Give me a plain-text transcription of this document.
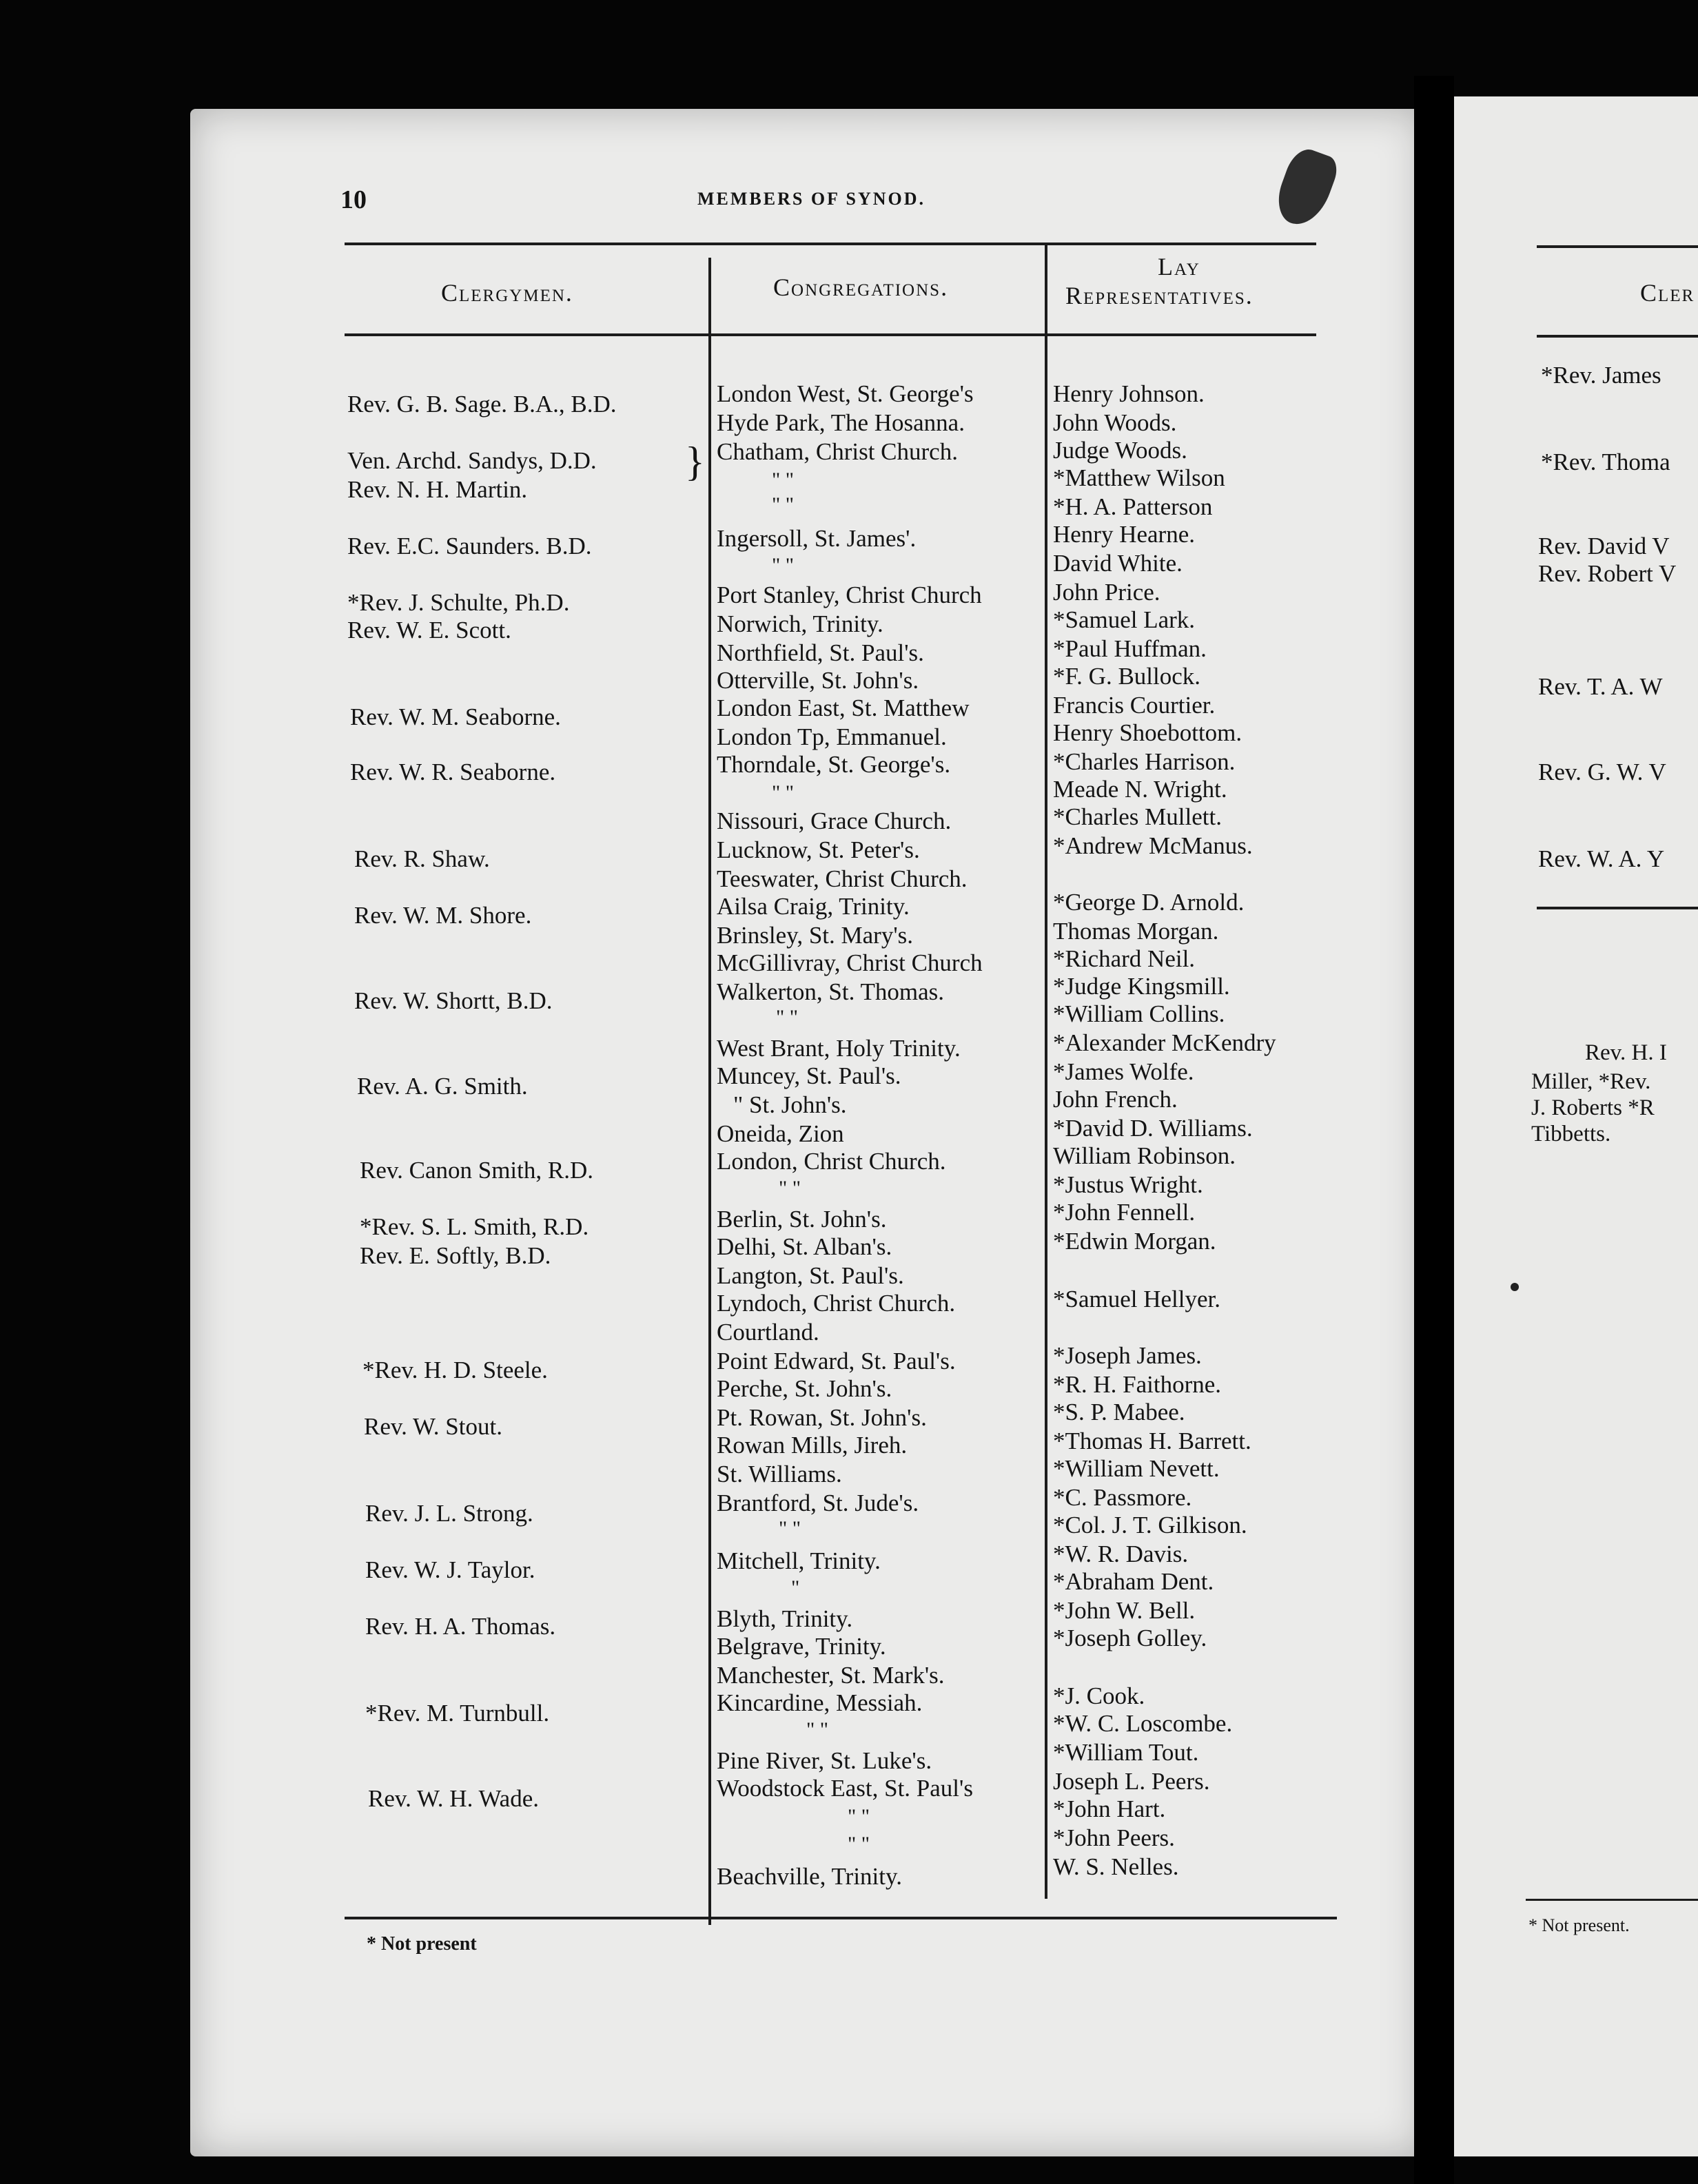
10	MEMBERS OF SYNOD.
Clergymen.	Congregations.
Lay
Representatives.
Rev. G. B. Sage. B.A., B.D.
Ven. Archd. Sandys, D.D.
Rev. N. H. Martin.
}
Rev. E.C. Saunders. B.D.
*Rev. J. Schulte, Ph.D.
Rev. W. E. Scott.
Rev. W. M. Seaborne.
Rev. W. R. Seaborne.
Rev. R. Shaw.
Rev. W. M. Shore.
Rev. W. Shortt, B.D.
Rev. A. G. Smith.
Rev. Canon Smith, R.D.
*Rev. S. L. Smith, R.D.
Rev. E. Softly, B.D.
*Rev. H. D. Steele.
Rev. W. Stout.
Rev. J. L. Strong.
Rev. W. J. Taylor.
Rev. H. A. Thomas.
*Rev. M. Turnbull.
Rev. W. H. Wade.
London West, St. George's
Hyde Park, The Hosanna.
Chatham, Christ Church.
" "
" "
Ingersoll, St. James'.
" "
Port Stanley, Christ Church
Norwich, Trinity.
Northfield, St. Paul's.
Otterville, St. John's.
London East, St. Matthew
London Tp, Emmanuel.
Thorndale, St. George's.
" "
Nissouri, Grace Church.
Lucknow, St. Peter's.
Teeswater, Christ Church.
Ailsa Craig, Trinity.
Brinsley, St. Mary's.
McGillivray, Christ Church
Walkerton, St. Thomas.
" "
West Brant, Holy Trinity.
Muncey, St. Paul's.
" St. John's.
Oneida, Zion
London, Christ Church.
" "
Berlin, St. John's.
Delhi, St. Alban's.
Langton, St. Paul's.
Lyndoch, Christ Church.
Courtland.
Point Edward, St. Paul's.
Perche, St. John's.
Pt. Rowan, St. John's.
Rowan Mills, Jireh.
St. Williams.
Brantford, St. Jude's.
" "
Mitchell, Trinity.
"
Blyth, Trinity.
Belgrave, Trinity.
Manchester, St. Mark's.
Kincardine, Messiah.
" "
Pine River, St. Luke's.
Woodstock East, St. Paul's
" "
" "
Beachville, Trinity.
Henry Johnson.
John Woods.
Judge Woods.
*Matthew Wilson
*H. A. Patterson
Henry Hearne.
David White.
John Price.
*Samuel Lark.
*Paul Huffman.
*F. G. Bullock.
Francis Courtier.
Henry Shoebottom.
*Charles Harrison.
Meade N. Wright.
*Charles Mullett.
*Andrew McManus.
*George D. Arnold.
Thomas Morgan.
*Richard Neil.
*Judge Kingsmill.
*William Collins.
*Alexander McKendry
*James Wolfe.
John French.
*David D. Williams.
William Robinson.
*Justus Wright.
*John Fennell.
*Edwin Morgan.
*Samuel Hellyer.
*Joseph James.
*R. H. Faithorne.
*S. P. Mabee.
*Thomas H. Barrett.
*William Nevett.
*C. Passmore.
*Col. J. T. Gilkison.
*W. R. Davis.
*Abraham Dent.
*John W. Bell.
*Joseph Golley.
*J. Cook.
*W. C. Loscombe.
*William Tout.
Joseph L. Peers.
*John Hart.
*John Peers.
W. S. Nelles.
* Not present
Cler
*Rev. James
*Rev. Thoma
Rev. David V
Rev. Robert V
Rev. T. A. W
Rev. G. W. V
Rev. W. A. Y
Rev. H. I
Miller, *Rev.
J. Roberts *R
Tibbetts.
* Not present.
